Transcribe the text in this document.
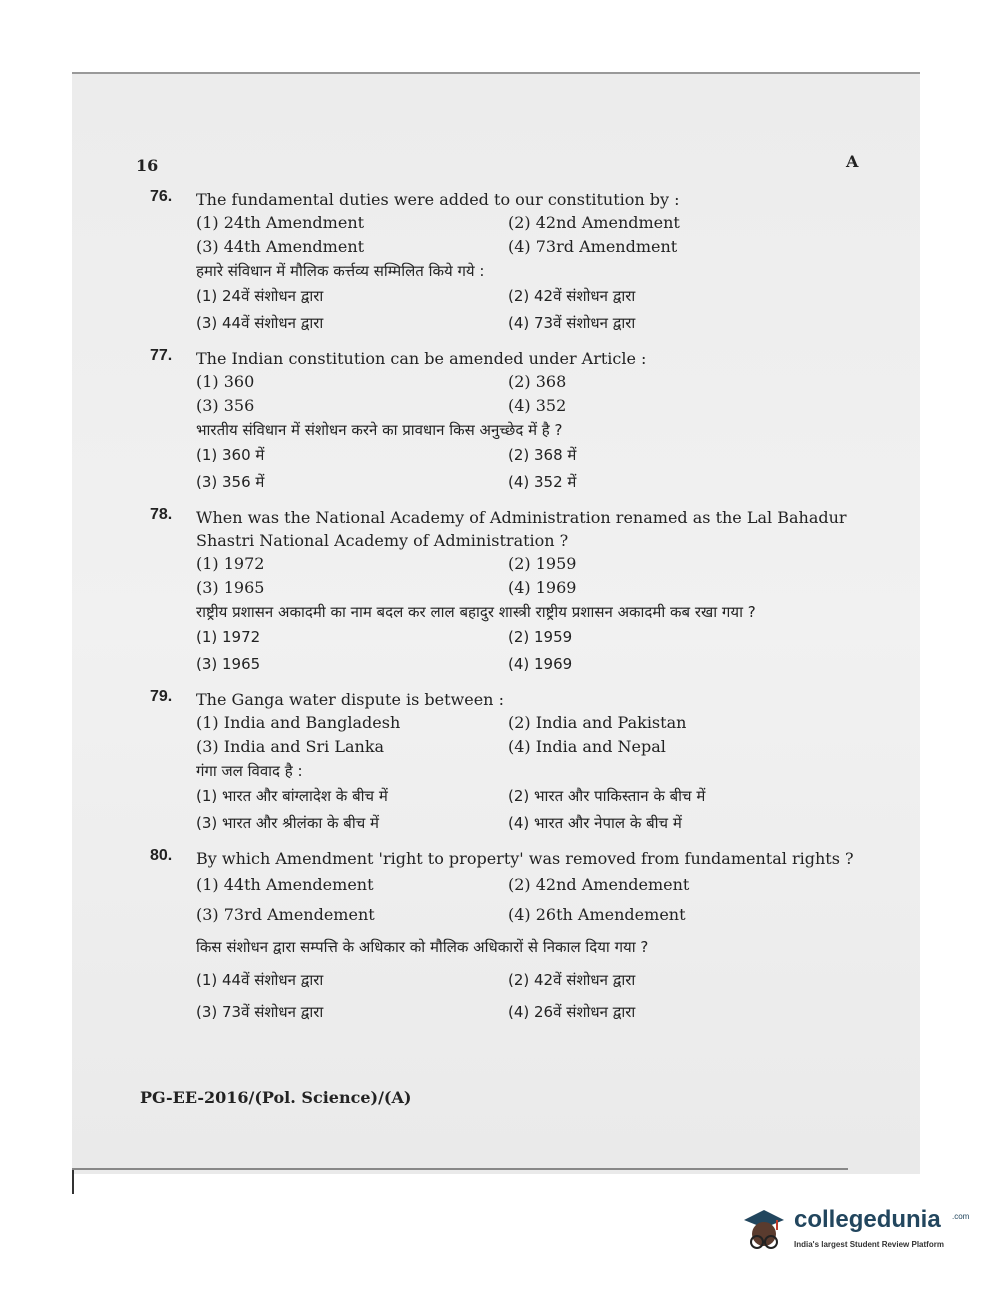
16	A
76. The fundamental duties were added to our constitution by :
(1) 24th Amendment	(2) 42nd Amendment
(3) 44th Amendment	(4) 73rd Amendment
हमारे संविधान में मौलिक कर्त्तव्य सम्मिलित किये गये :
(1) 24वें संशोधन द्वारा	(2) 42वें संशोधन द्वारा
(3) 44वें संशोधन द्वारा	(4) 73वें संशोधन द्वारा
77. The Indian constitution can be amended under Article :
(1) 360	(2) 368
(3) 356	(4) 352
भारतीय संविधान में संशोधन करने का प्रावधान किस अनुच्छेद में है ?
(1) 360 में	(2) 368 में
(3) 356 में	(4) 352 में
78. When was the National Academy of Administration renamed as the Lal Bahadur Shastri National Academy of Administration ?
(1) 1972	(2) 1959
(3) 1965	(4) 1969
राष्ट्रीय प्रशासन अकादमी का नाम बदल कर लाल बहादुर शास्त्री राष्ट्रीय प्रशासन अकादमी कब रखा गया ?
(1) 1972	(2) 1959
(3) 1965	(4) 1969
79. The Ganga water dispute is between :
(1) India and Bangladesh	(2) India and Pakistan
(3) India and Sri Lanka	(4) India and Nepal
गंगा जल विवाद है :
(1) भारत और बांग्लादेश के बीच में	(2) भारत और पाकिस्तान के बीच में
(3) भारत और श्रीलंका के बीच में	(4) भारत और नेपाल के बीच में
80. By which Amendment 'right to property' was removed from fundamental rights ?
(1) 44th Amendement	(2) 42nd Amendement
(3) 73rd Amendement	(4) 26th Amendement
किस संशोधन द्वारा सम्पत्ति के अधिकार को मौलिक अधिकारों से निकाल दिया गया ?
(1) 44वें संशोधन द्वारा	(2) 42वें संशोधन द्वारा
(3) 73वें संशोधन द्वारा	(4) 26वें संशोधन द्वारा
PG-EE-2016/(Pol. Science)/(A)
collegedunia .com
India's largest Student Review Platform
